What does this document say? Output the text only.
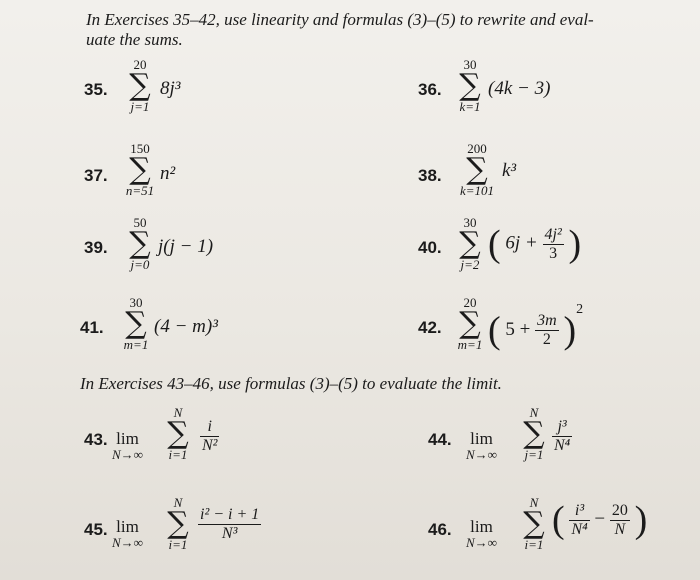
In Exercises 35–42, use linearity and formulas (3)–(5) to rewrite and eval-
uate the sums.
35.
20
∑
j=1
8j³	36.
30
∑
k=1
(4k − 3)
37.
150
∑
n=51
n²	38.
200
∑
k=101
k³
39.
50
∑
j=0
j(j − 1)	40.
30
∑
j=2 ( $6j + \frac{\text{4j²}}{3}$ )
41.
30
∑
m=1
(4 − m)³	42.
20
∑
m=1 ( $5 + \frac{3m}{2} )^2$
In Exercises 43–46, use formulas (3)–(5) to evaluate the limit.
43. lim
N→∞
N
∑
$i=1 \frac{i}{\text{N²}}$	44. lim
N→∞
N
∑
$j=1 \frac{\text{j³}}{\text{N⁴}}$
45. lim
N→∞
N
∑
i=1
$\frac{\text{i² − i + 1}}{\text{N³}}$	46. lim
N→∞
N
∑
i=1
( $\frac{\text{i³}}{\text{N⁴}} - \frac{20}{N}$ )
